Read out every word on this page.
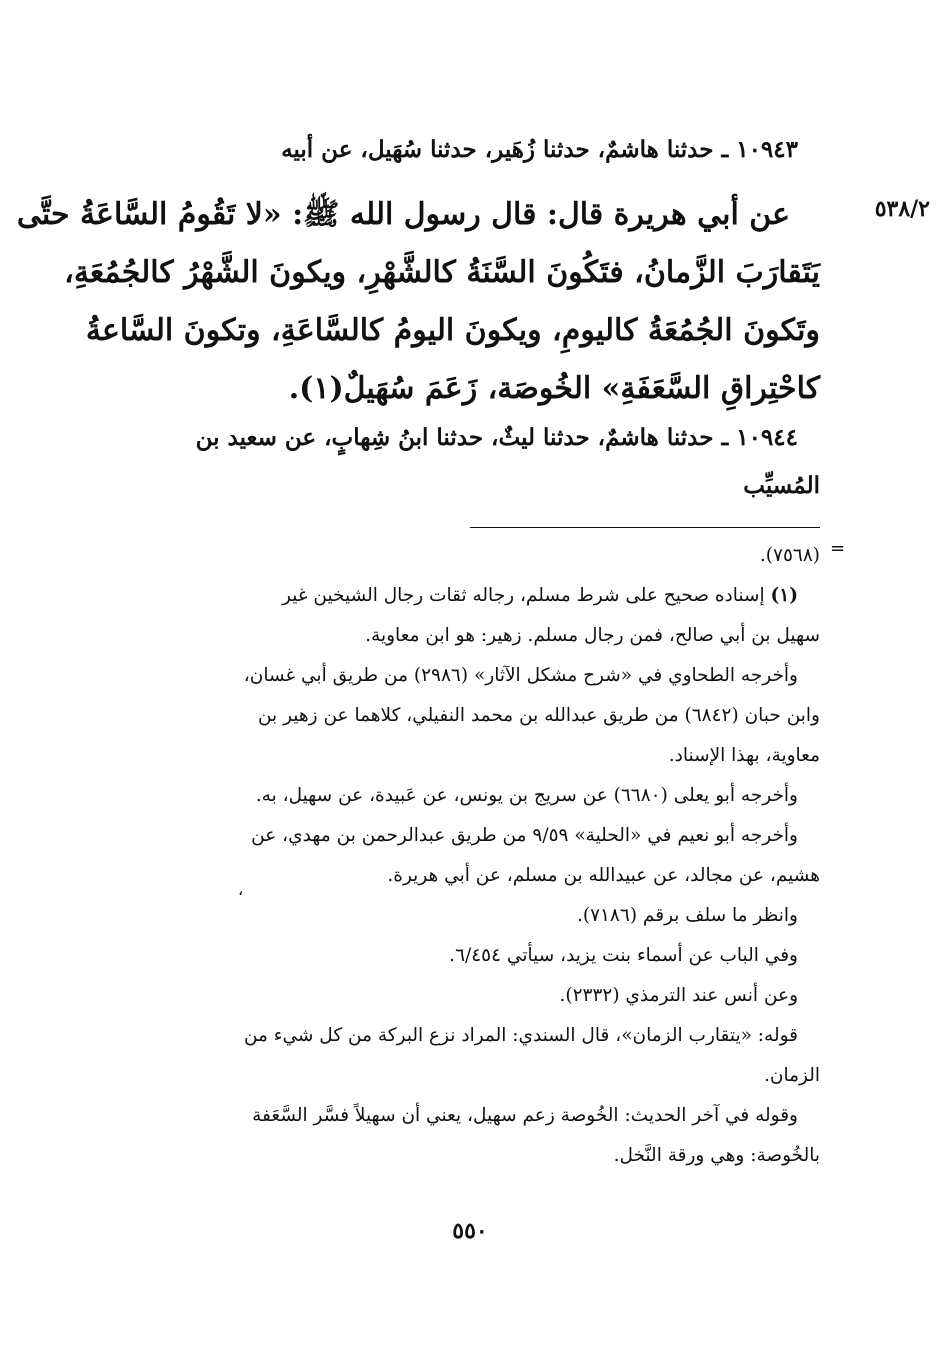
٥٣٨/٢
١٠٩٤٣ ـ حدثنا هاشمٌ، حدثنا زُهَير، حدثنا سُهَيل، عن أبيه
عن أبي هريرة قال: قال رسول الله ﷺ: «لا تَقُومُ السَّاعَةُ حتَّى
يَتَقارَبَ الزَّمانُ، فتَكُونَ السَّنَةُ كالشَّهْرِ، ويكونَ الشَّهْرُ كالجُمُعَةِ،
وتَكونَ الجُمُعَةُ كاليومِ، ويكونَ اليومُ كالسَّاعَةِ، وتكونَ السَّاعةُ
كاحْتِراقِ السَّعَفَةِ» الخُوصَة، زَعَمَ سُهَيلٌ(١).
١٠٩٤٤ ـ حدثنا هاشمٌ، حدثنا ليثٌ، حدثنا ابنُ شِهابٍ، عن سعيد بن
المُسيِّب
=
(٧٥٦٨).
(١) إسناده صحيح على شرط مسلم، رجاله ثقات رجال الشيخين غير
سهيل بن أبي صالح، فمن رجال مسلم. زهير: هو ابن معاوية.
وأخرجه الطحاوي في «شرح مشكل الآثار» (٢٩٨٦) من طريق أبي غسان،
وابن حبان (٦٨٤٢) من طريق عبدالله بن محمد النفيلي، كلاهما عن زهير بن
معاوية، بهذا الإسناد.
وأخرجه أبو يعلى (٦٦٨٠) عن سريج بن يونس، عن عَبيدة، عن سهيل، به.
وأخرجه أبو نعيم في «الحلية» ٩/٥٩ من طريق عبدالرحمن بن مهدي، عن
هشيم، عن مجالد، عن عبيدالله بن مسلم، عن أبي هريرة.
وانظر ما سلف برقم (٧١٨٦).
وفي الباب عن أسماء بنت يزيد، سيأتي ٦/٤٥٤.
وعن أنس عند الترمذي (٢٣٣٢).
قوله: «يتقارب الزمان»، قال السندي: المراد نزع البركة من كل شيء من
الزمان.
وقوله في آخر الحديث: الخُوصة زعم سهيل، يعني أن سهيلاً فسَّر السَّعَفة
بالخُوصة: وهي ورقة النَّخل.
،
٥٥٠
